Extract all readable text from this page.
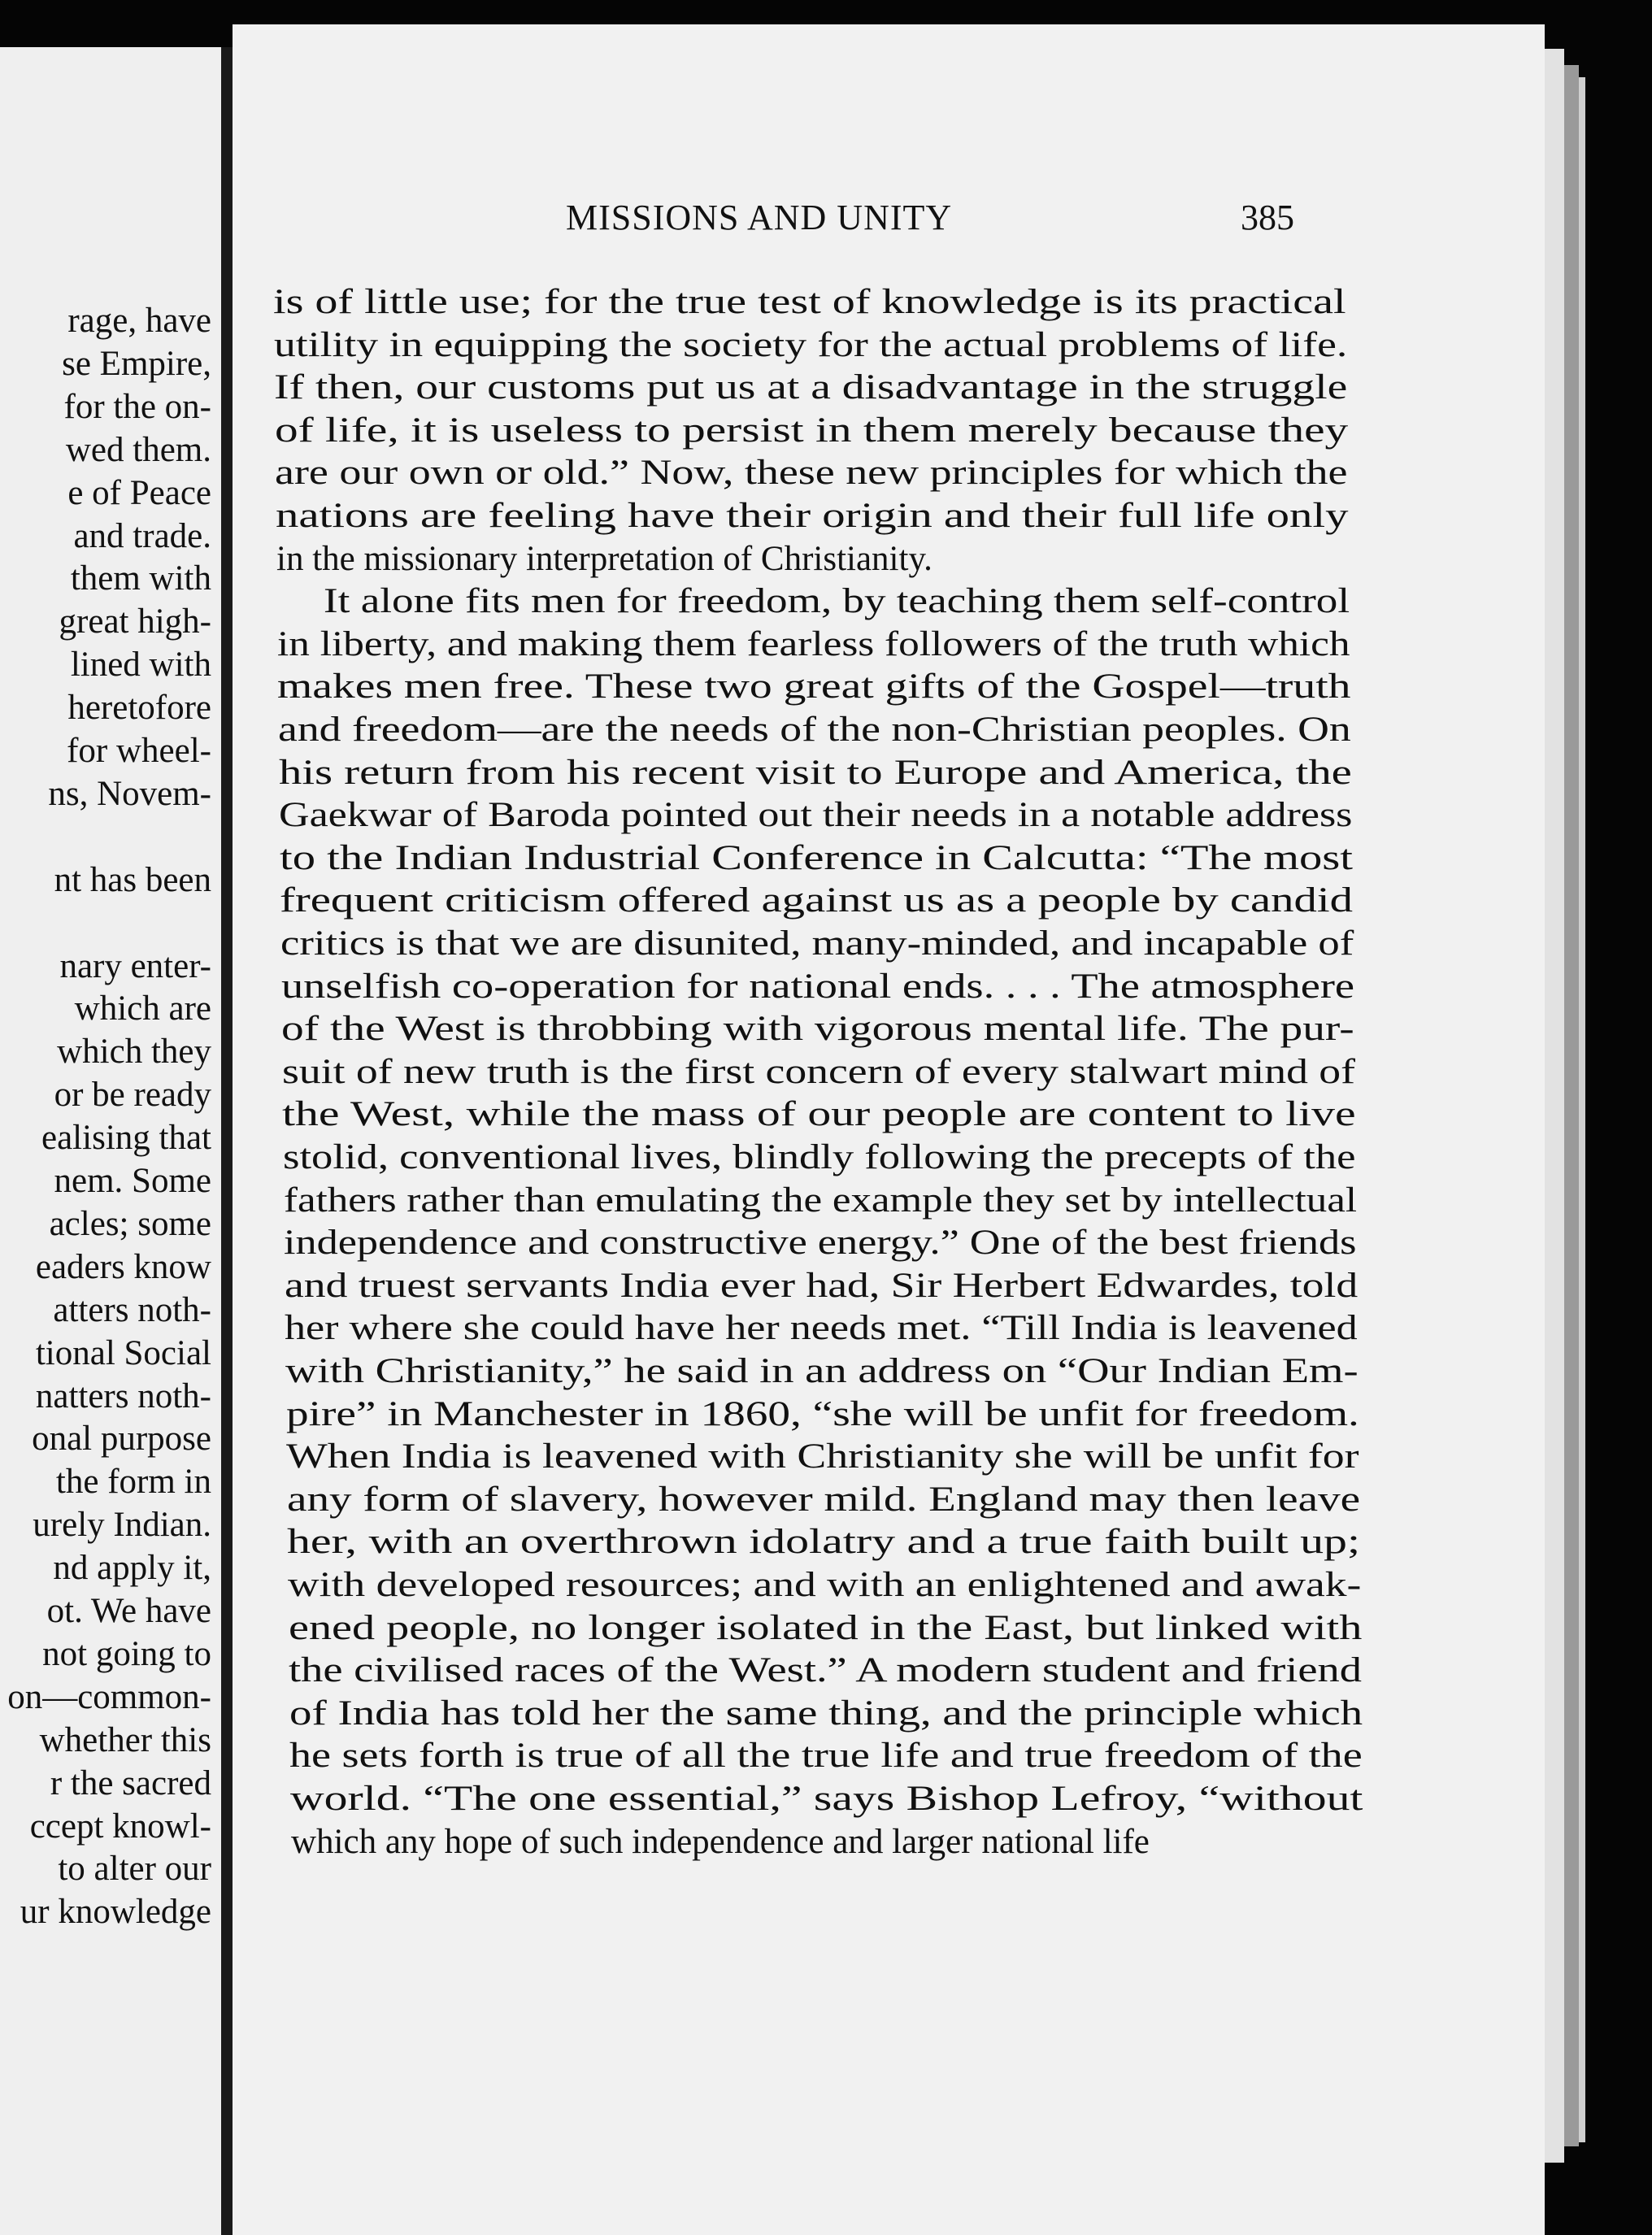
rage, have

se Empire,

for the on-

wed them.

e of Peace

and trade.

them with

great high-

lined with

heretofore

for wheel-

ns, Novem-

nt has been

nary enter-

which are

which they

or be ready

ealising that

nem. Some

acles; some

eaders know

atters noth-

tional Social

natters noth-

onal purpose

the form in

urely Indian.

nd apply it,

ot. We have

not going to

on—common-

whether this

r the sacred

ccept knowl-

to alter our

ur knowledge

MISSIONS AND UNITY	385

is of little use; for the true test of knowledge is its practical

utility in equipping the society for the actual problems of life.

If then, our customs put us at a disadvantage in the struggle

of life, it is useless to persist in them merely because they

are our own or old.” Now, these new principles for which the

nations are feeling have their origin and their full life only

in the missionary interpretation of Christianity.

It alone fits men for freedom, by teaching them self-control

in liberty, and making them fearless followers of the truth which

makes men free. These two great gifts of the Gospel—truth

and freedom—are the needs of the non-Christian peoples. On

his return from his recent visit to Europe and America, the

Gaekwar of Baroda pointed out their needs in a notable address

to the Indian Industrial Conference in Calcutta: “The most

frequent criticism offered against us as a people by candid

critics is that we are disunited, many-minded, and incapable of

unselfish co-operation for national ends. . . . The atmosphere

of the West is throbbing with vigorous mental life. The pur-

suit of new truth is the first concern of every stalwart mind of

the West, while the mass of our people are content to live

stolid, conventional lives, blindly following the precepts of the

fathers rather than emulating the example they set by intellectual

independence and constructive energy.” One of the best friends

and truest servants India ever had, Sir Herbert Edwardes, told

her where she could have her needs met. “Till India is leavened

with Christianity,” he said in an address on “Our Indian Em-

pire” in Manchester in 1860, “she will be unfit for freedom.

When India is leavened with Christianity she will be unfit for

any form of slavery, however mild. England may then leave

her, with an overthrown idolatry and a true faith built up;

with developed resources; and with an enlightened and awak-

ened people, no longer isolated in the East, but linked with

the civilised races of the West.” A modern student and friend

of India has told her the same thing, and the principle which

he sets forth is true of all the true life and true freedom of the

world. “The one essential,” says Bishop Lefroy, “without

which any hope of such independence and larger national life
